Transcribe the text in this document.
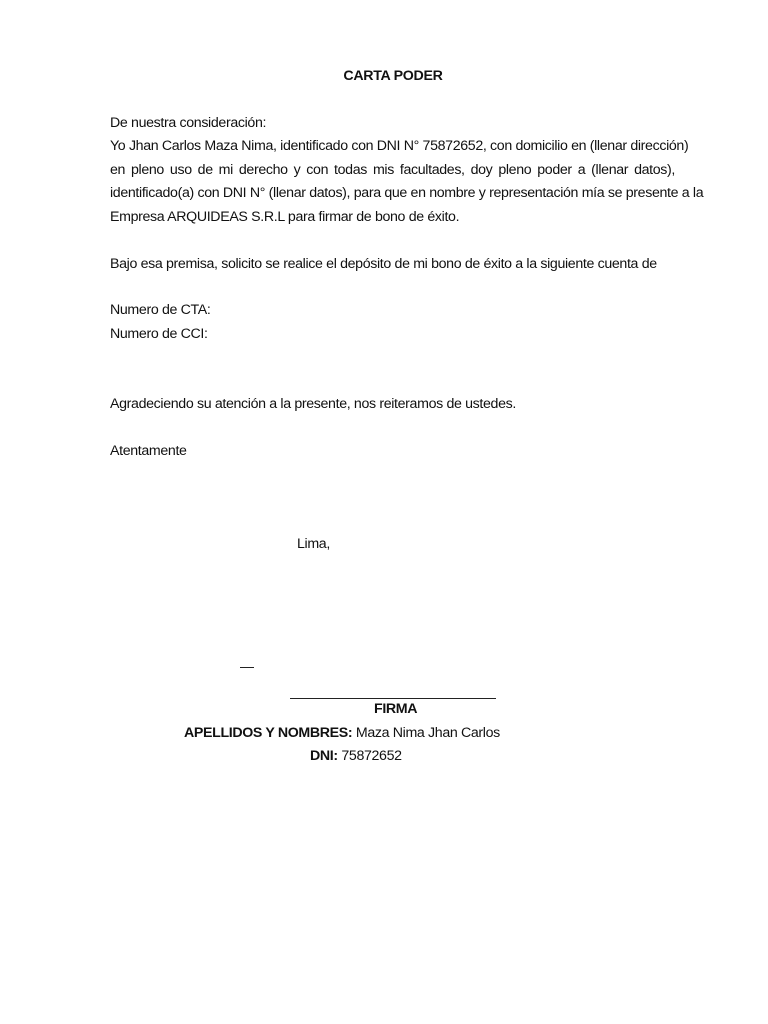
CARTA PODER
De nuestra consideración:
Yo Jhan Carlos Maza Nima, identificado con DNI N° 75872652, con domicilio en (llenar dirección)
en pleno uso de mi derecho y con todas mis facultades, doy pleno poder a (llenar datos),
identificado(a) con DNI N° (llenar datos), para que en nombre y representación mía se presente a la
Empresa ARQUIDEAS S.R.L para firmar de bono de éxito.
Bajo esa premisa, solicito se realice el depósito de mi bono de éxito a la siguiente cuenta de
Numero de CTA:
Numero de CCI:
Agradeciendo su atención a la presente, nos reiteramos de ustedes.
Atentamente
Lima,
FIRMA
APELLIDOS Y NOMBRES: Maza Nima Jhan Carlos
DNI: 75872652
